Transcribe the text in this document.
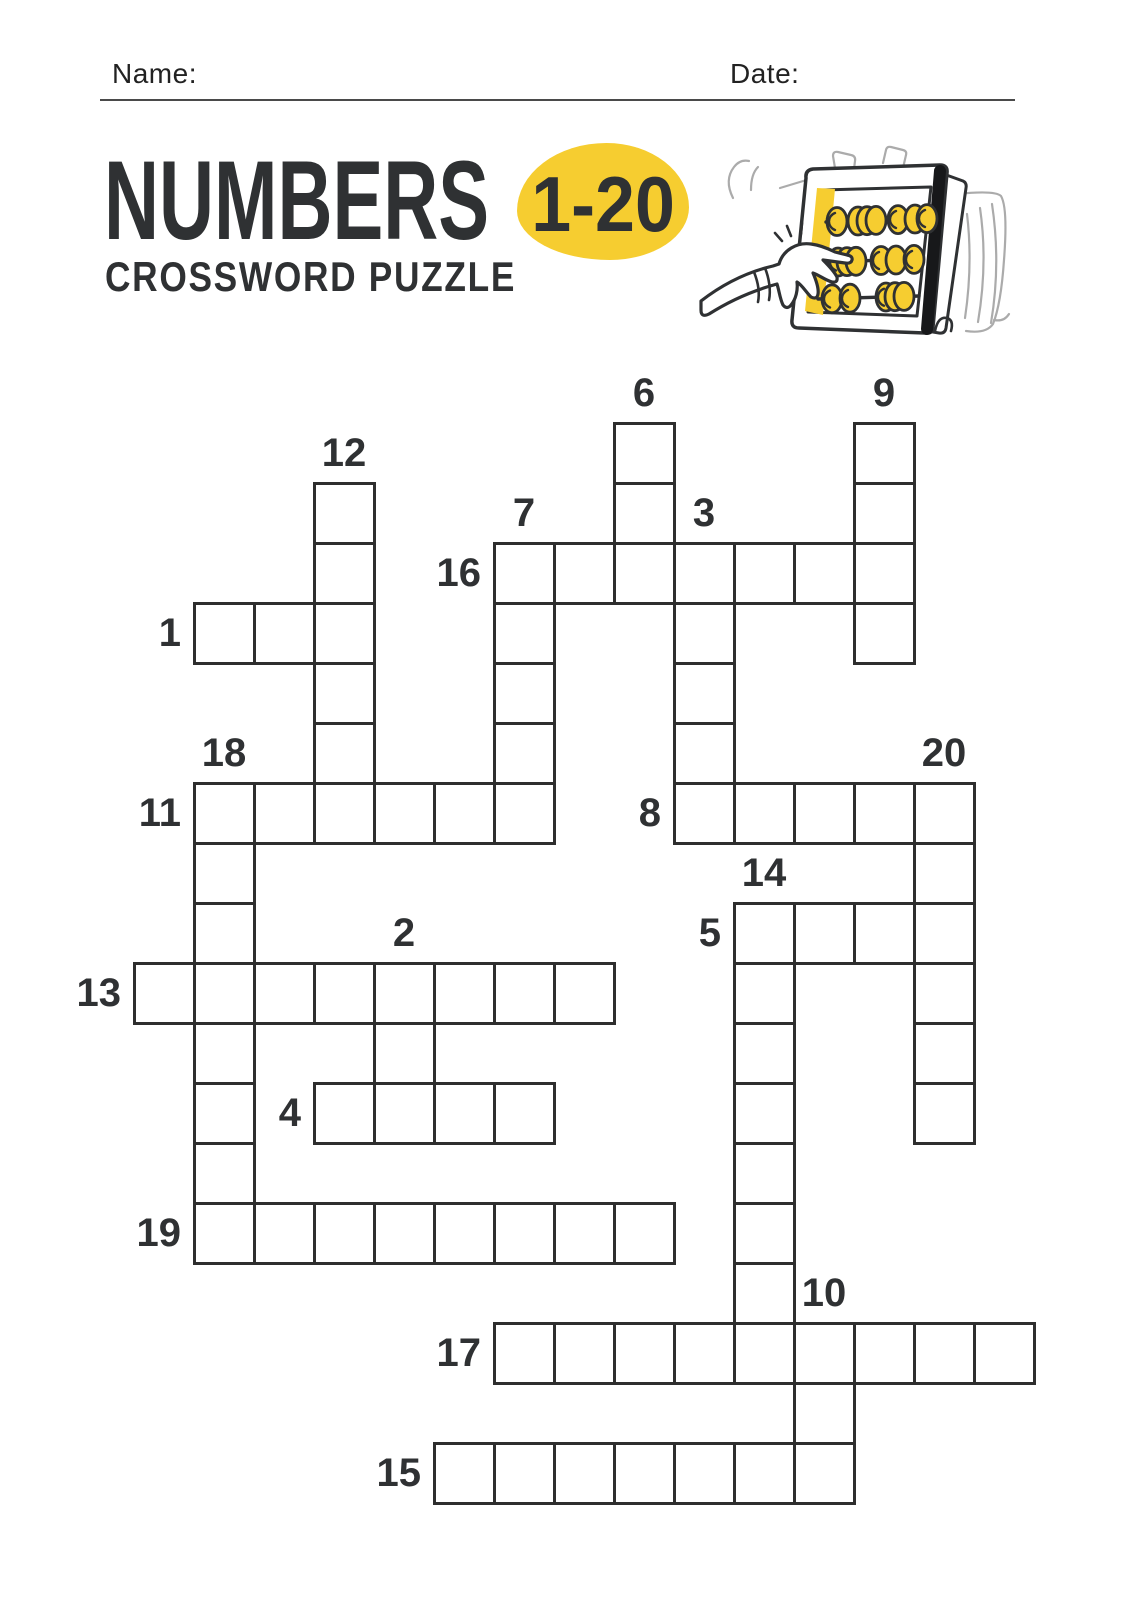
Name:	Date:
NUMBERS 1-20
CROSSWORD PUZZLE
1
2
3
4
5
6
7
8
9
10
11
12
13
14
15
16
17
18
19
20
